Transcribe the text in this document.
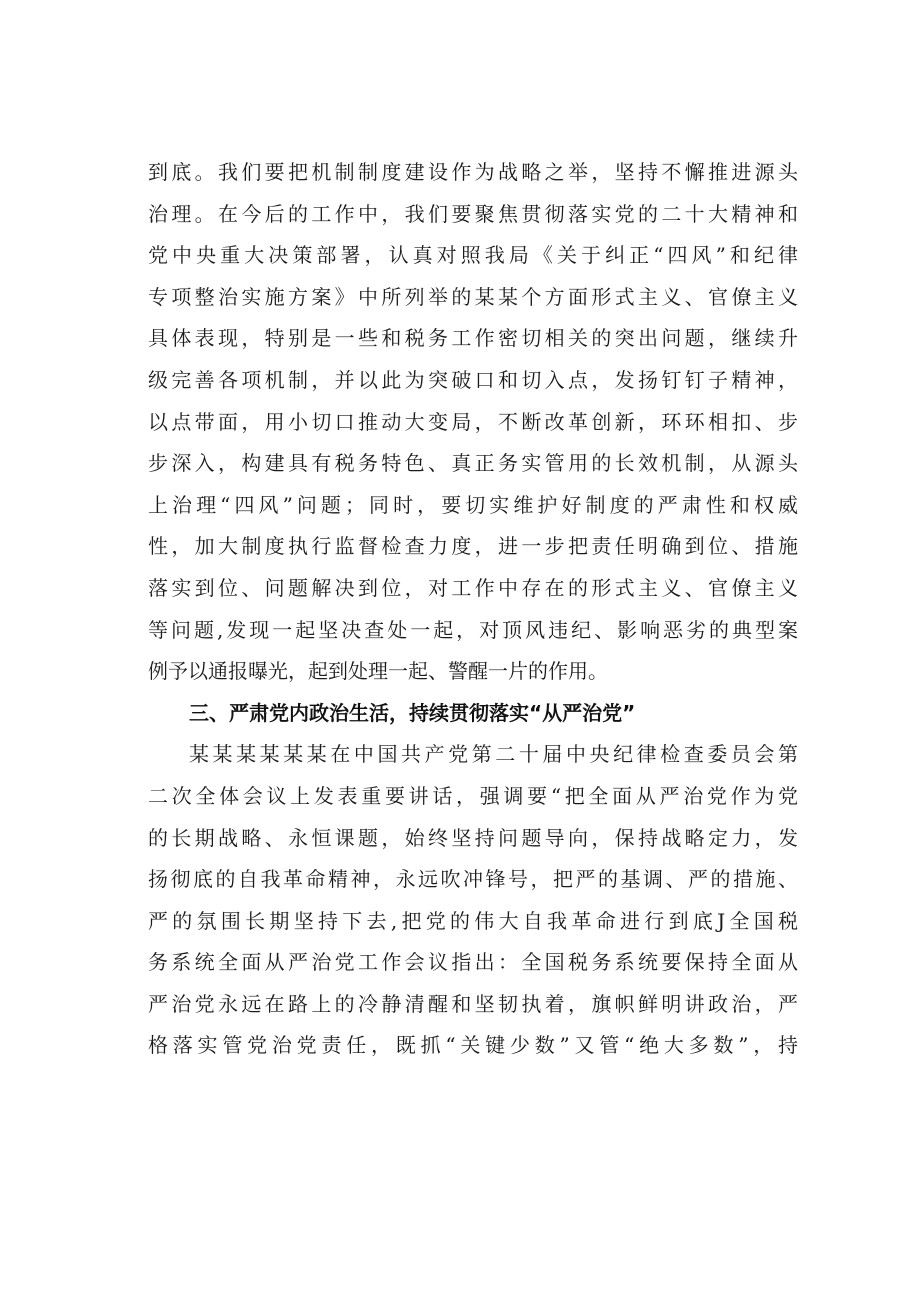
到底。我们要把机制制度建设作为战略之举，坚持不懈推进源头
治理。在今后的工作中，我们要聚焦贯彻落实党的二十大精神和
党中央重大决策部署，认真对照我局《关于纠正“四风”和纪律
专项整治实施方案》中所列举的某某个方面形式主义、官僚主义
具体表现，特别是一些和税务工作密切相关的突出问题，继续升
级完善各项机制，并以此为突破口和切入点，发扬钉钉子精神，
以点带面，用小切口推动大变局，不断改革创新，环环相扣、步
步深入，构建具有税务特色、真正务实管用的长效机制，从源头
上治理“四风”问题；同时，要切实维护好制度的严肃性和权威
性，加大制度执行监督检查力度，进一步把责任明确到位、措施
落实到位、问题解决到位，对工作中存在的形式主义、官僚主义
等问题,发现一起坚决查处一起，对顶风违纪、影响恶劣的典型案
例予以通报曝光，起到处理一起、警醒一片的作用。
三、严肃党内政治生活，持续贯彻落实“从严治党”
某某某某某某在中国共产党第二十届中央纪律检查委员会第
二次全体会议上发表重要讲话，强调要“把全面从严治党作为党
的长期战略、永恒课题，始终坚持问题导向，保持战略定力，发
扬彻底的自我革命精神，永远吹冲锋号，把严的基调、严的措施、
严的氛围长期坚持下去,把党的伟大自我革命进行到底J全国税
务系统全面从严治党工作会议指出：全国税务系统要保持全面从
严治党永远在路上的冷静清醒和坚韧执着，旗帜鲜明讲政治，严
格落实管党治党责任，既抓“关键少数”又管“绝大多数”，持
